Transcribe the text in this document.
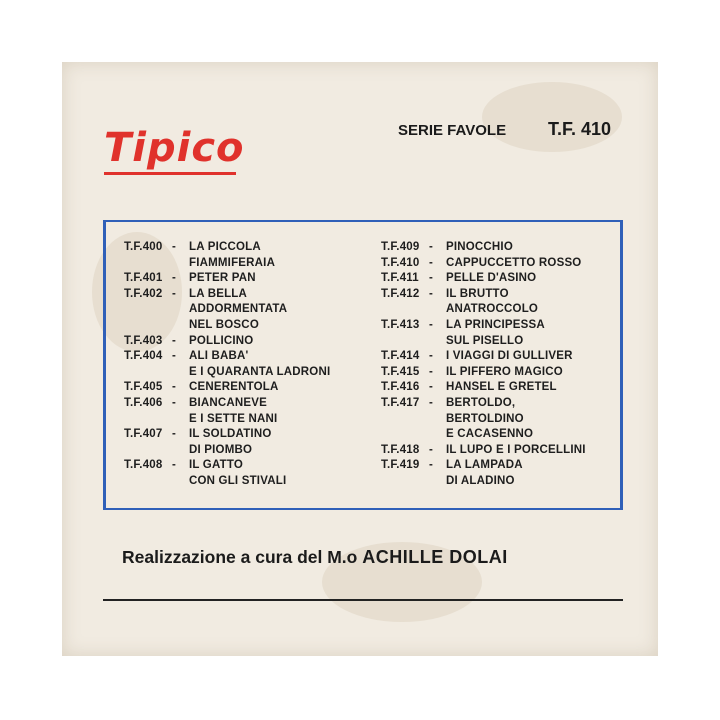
Tipico	SERIE FAVOLE T.F. 410
T.F.400 -	LA PICCOLA
FIAMMIFERAIA
T.F.401 -	PETER PAN
T.F.402 -	LA BELLA
ADDORMENTATA
NEL BOSCO
T.F.403 -	POLLICINO
T.F.404 -	ALI BABA'
E I QUARANTA LADRONI
T.F.405 -	CENERENTOLA
T.F.406 -	BIANCANEVE
E I SETTE NANI
T.F.407 -	IL SOLDATINO
DI PIOMBO
T.F.408 -	IL GATTO
CON GLI STIVALI
T.F.409 -	PINOCCHIO
T.F.410 -	CAPPUCCETTO ROSSO
T.F.411 -	PELLE D'ASINO
T.F.412 -	IL BRUTTO
ANATROCCOLO
T.F.413 -	LA PRINCIPESSA
SUL PISELLO
T.F.414 -	I VIAGGI DI GULLIVER
T.F.415 -	IL PIFFERO MAGICO
T.F.416 -	HANSEL E GRETEL
T.F.417 -	BERTOLDO,
BERTOLDINO
E CACASENNO
T.F.418 -	IL LUPO E I PORCELLINI
T.F.419 -	LA LAMPADA
DI ALADINO
Realizzazione a cura del M.o ACHILLE DOLAI
